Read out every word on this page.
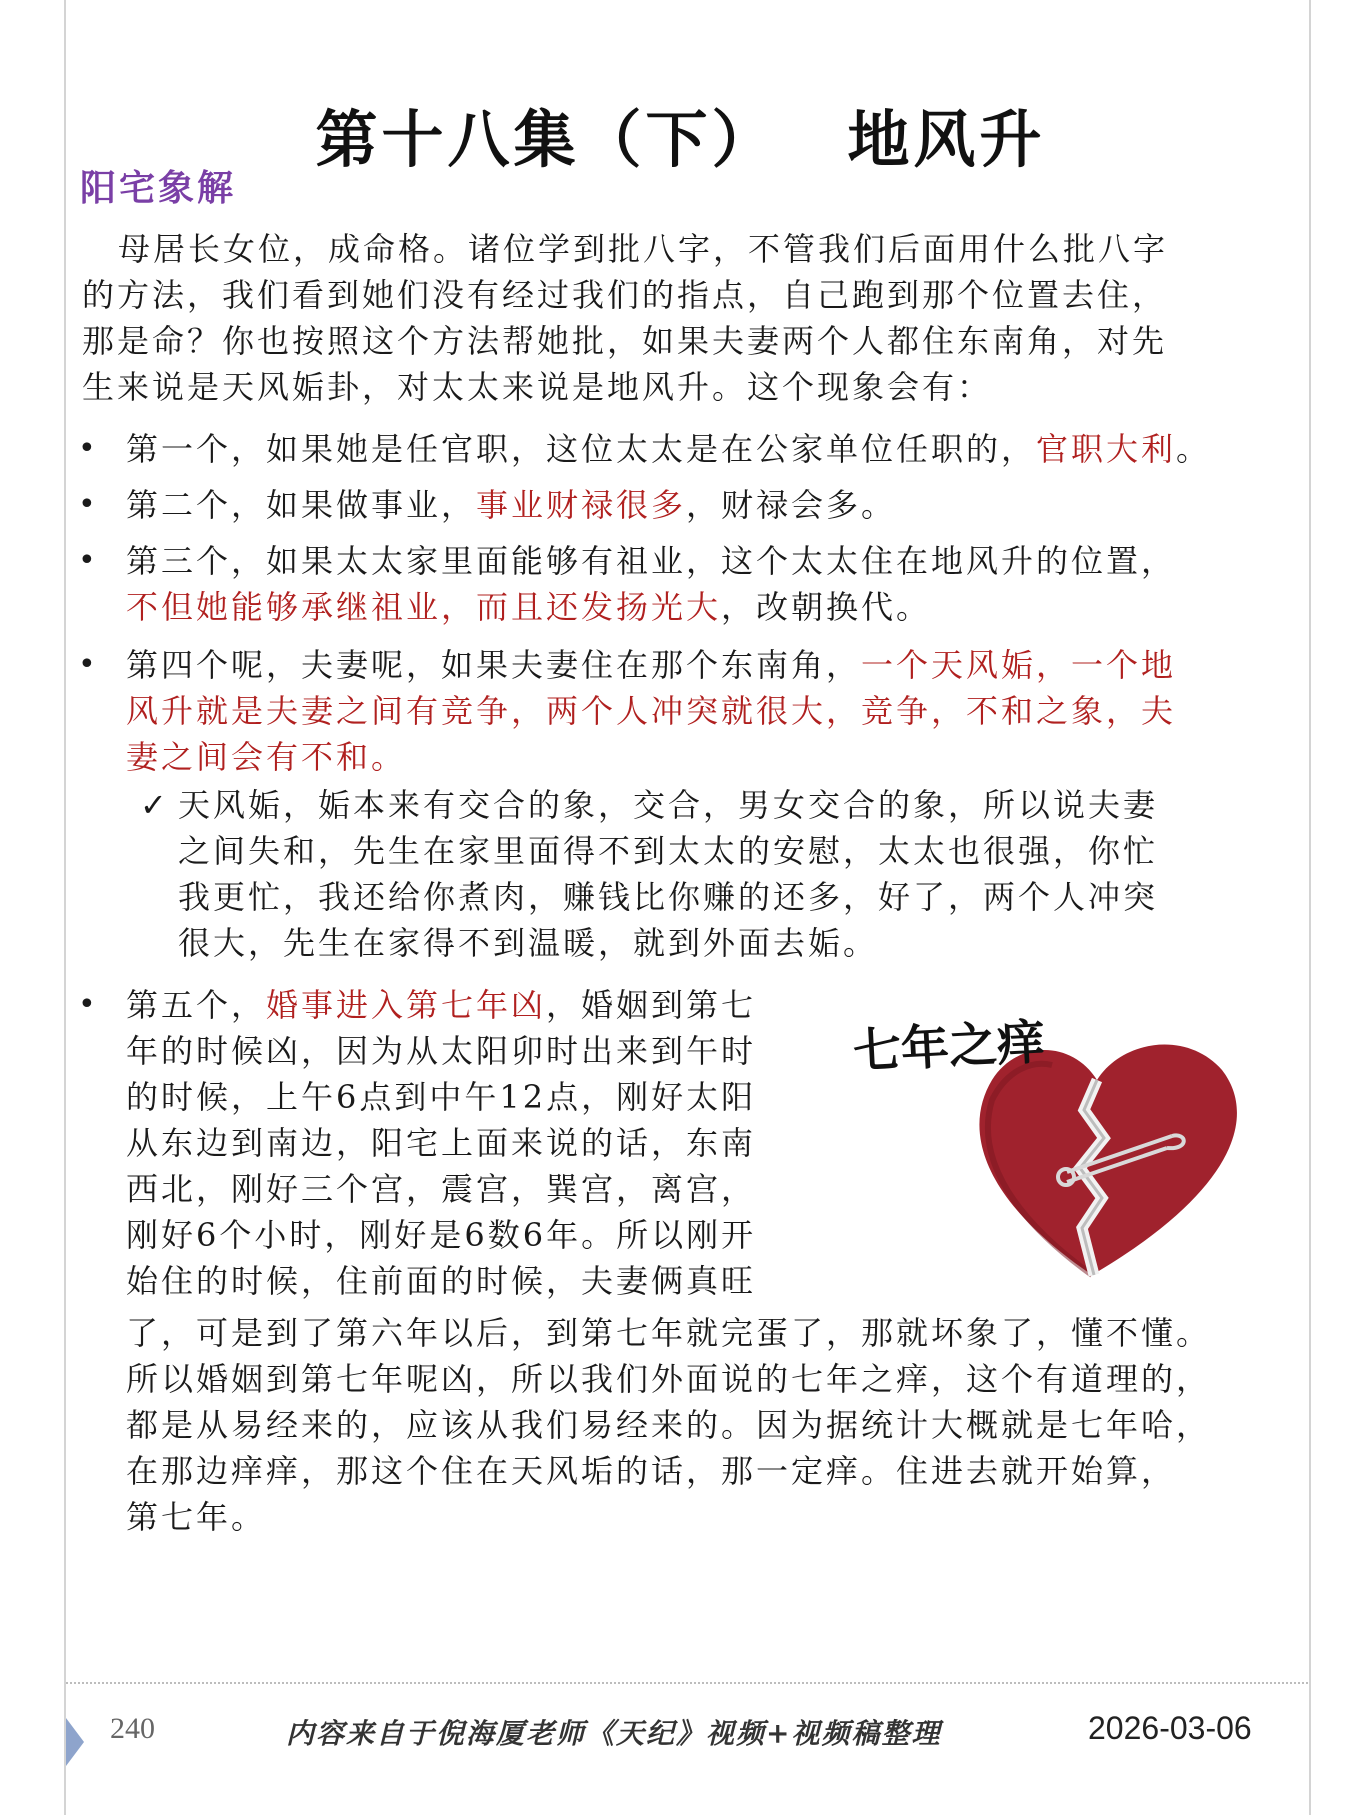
第十八集（下） 地风升
阳宅象解
母居长女位，成命格。诸位学到批八字，不管我们后面用什么批八字
的方法，我们看到她们没有经过我们的指点，自己跑到那个位置去住，
那是命？你也按照这个方法帮她批，如果夫妻两个人都住东南角，对先
生来说是天风姤卦，对太太来说是地风升。这个现象会有：
• 第一个，如果她是任官职，这位太太是在公家单位任职的，官职大利。
• 第二个，如果做事业，事业财禄很多，财禄会多。
• 第三个，如果太太家里面能够有祖业，这个太太住在地风升的位置，
不但她能够承继祖业，而且还发扬光大，改朝换代。
• 第四个呢，夫妻呢，如果夫妻住在那个东南角，一个天风姤，一个地
风升就是夫妻之间有竞争，两个人冲突就很大，竞争，不和之象，夫
妻之间会有不和。
✓ 天风姤，姤本来有交合的象，交合，男女交合的象，所以说夫妻
之间失和，先生在家里面得不到太太的安慰，太太也很强，你忙
我更忙，我还给你煮肉，赚钱比你赚的还多，好了，两个人冲突
很大，先生在家得不到温暖，就到外面去姤。
• 第五个，婚事进入第七年凶，婚姻到第七
年的时候凶，因为从太阳卯时出来到午时
的时候，上午6点到中午12点，刚好太阳
从东边到南边，阳宅上面来说的话，东南
西北，刚好三个宫，震宫，巽宫，离宫，
刚好6个小时，刚好是6数6年。所以刚开
始住的时候，住前面的时候，夫妻俩真旺
了，可是到了第六年以后，到第七年就完蛋了，那就坏象了，懂不懂。
所以婚姻到第七年呢凶，所以我们外面说的七年之痒，这个有道理的，
都是从易经来的，应该从我们易经来的。因为据统计大概就是七年哈，
在那边痒痒，那这个住在天风垢的话，那一定痒。住进去就开始算，
第七年。
七年之痒
240	内容来自于倪海厦老师《天纪》视频+视频稿整理	2026-03-06
